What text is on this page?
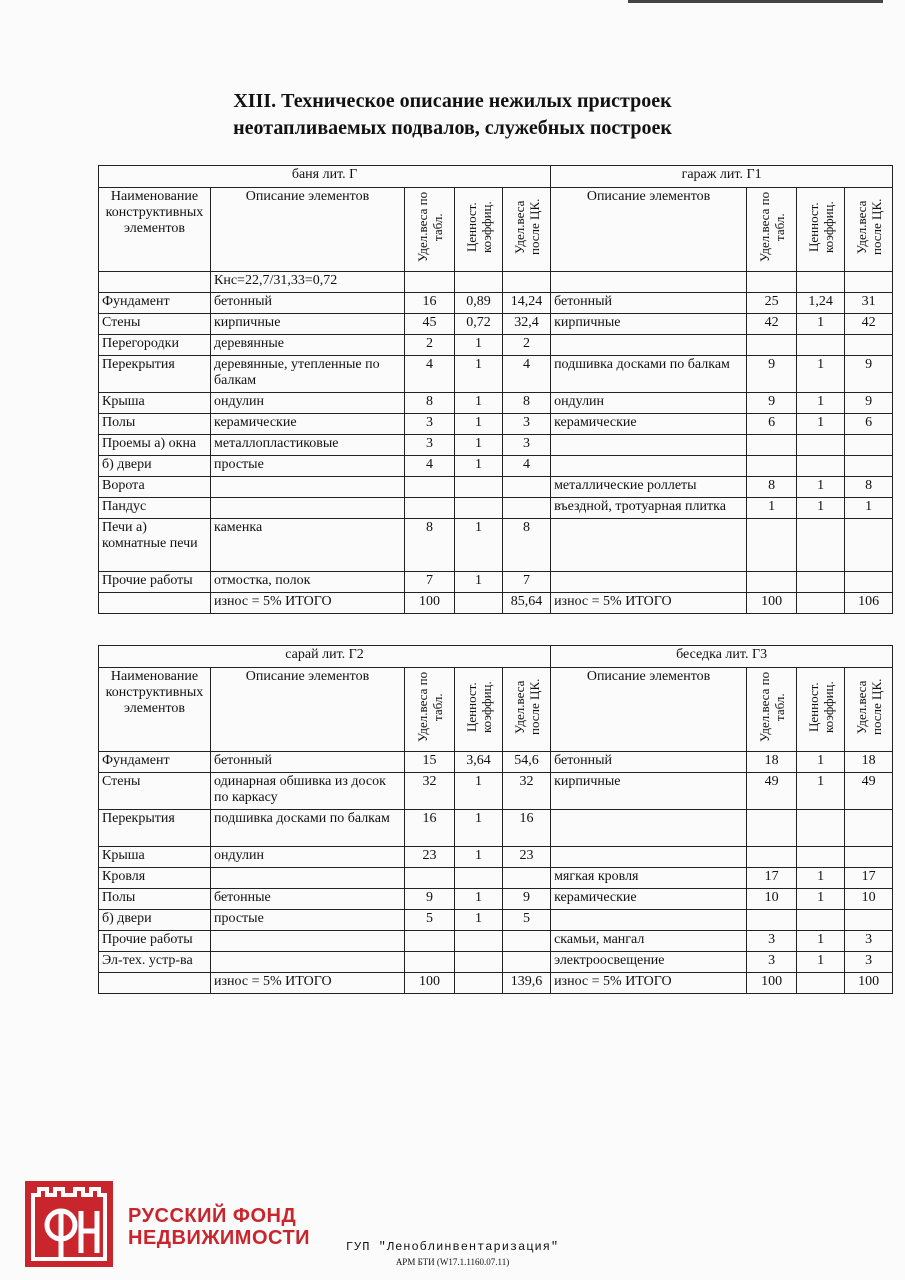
XIII. Техническое описание нежилых пристроек
неотапливаемых подвалов, служебных построек
баня лит. Г					гараж лит. Г1			
Наименование конструктивных элементов	Описание элементов	Удел.веса по табл.	Ценност. коэффиц.	Удел.веса после ЦК.	Описание элементов	Удел.веса по табл.	Ценност. коэффиц.	Удел.веса после ЦК.
	Кнс=22,7/31,33=0,72							
Фундамент	бетонный	16	0,89	14,24	бетонный	25	1,24	31
Стены	кирпичные	45	0,72	32,4	кирпичные	42	1	42
Перегородки	деревянные	2	1	2				
Перекрытия	деревянные, утепленные по балкам	4	1	4	подшивка досками по балкам	9	1	9
Крыша	ондулин	8	1	8	ондулин	9	1	9
Полы	керамические	3	1	3	керамические	6	1	6
Проемы а) окна	металлопластиковые	3	1	3				
б) двери	простые	4	1	4				
Ворота					металлические роллеты	8	1	8
Пандус					въездной, тротуарная плитка	1	1	1
Печи а) комнатные печи	каменка	8	1	8				
Прочие работы	отмостка, полок	7	1	7				
	износ = 5% ИТОГО	100		85,64	износ = 5% ИТОГО	100		106
сарай лит. Г2					беседка лит. Г3			
Наименование конструктивных элементов	Описание элементов	Удел.веса по табл.	Ценност. коэффиц.	Удел.веса после ЦК.	Описание элементов	Удел.веса по табл.	Ценност. коэффиц.	Удел.веса после ЦК.
Фундамент	бетонный	15	3,64	54,6	бетонный	18	1	18
Стены	одинарная обшивка из досок по каркасу	32	1	32	кирпичные	49	1	49
Перекрытия	подшивка досками по балкам	16	1	16				
Крыша	ондулин	23	1	23				
Кровля					мягкая кровля	17	1	17
Полы	бетонные	9	1	9	керамические	10	1	10
б) двери	простые	5	1	5				
Прочие работы					скамьи, мангал	3	1	3
Эл-тех. устр-ва					электроосвещение	3	1	3
	износ = 5% ИТОГО	100		139,6	износ = 5% ИТОГО	100		100
РУССКИЙ ФОНД
НЕДВИЖИМОСТИ	ГУП "Леноблинвентаризация"
АРМ БТИ (W17.1.1160.07.11)
